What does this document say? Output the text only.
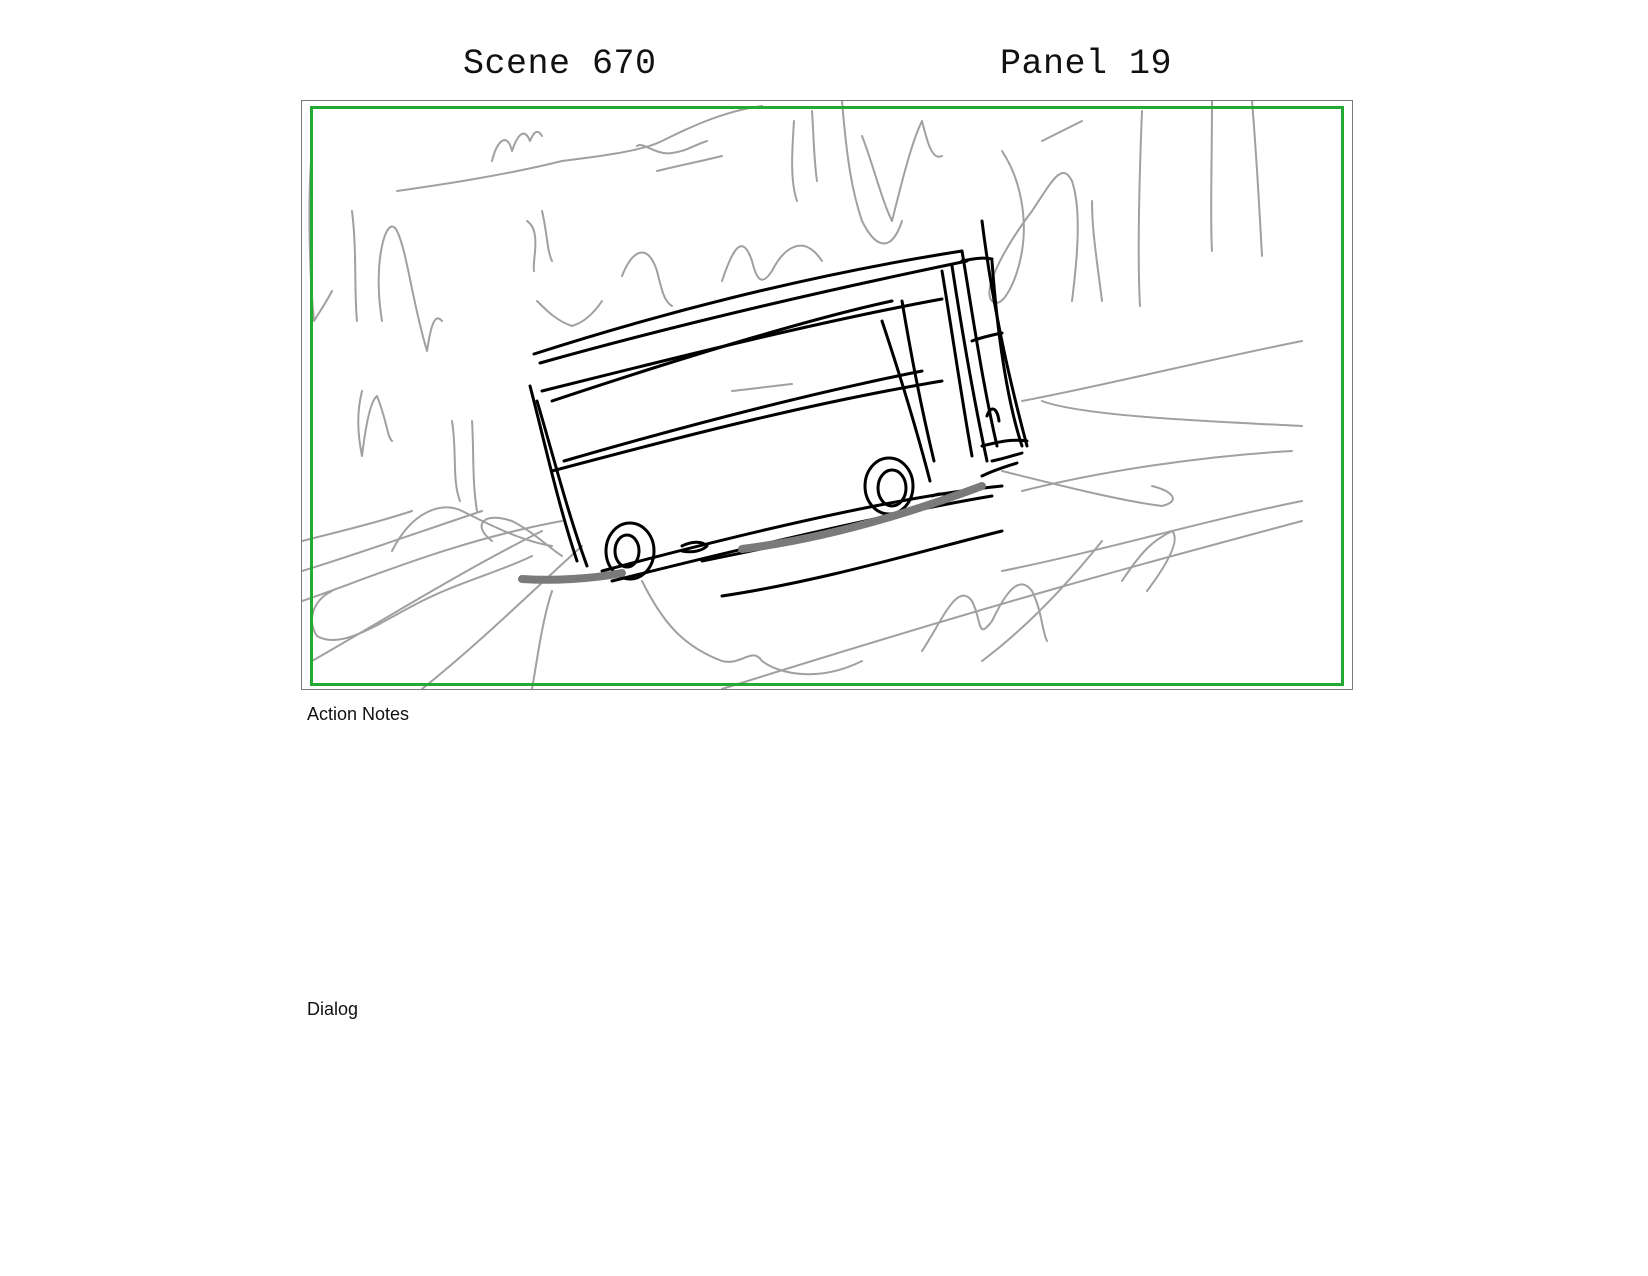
Scene 670	Panel 19
Action Notes
Dialog
